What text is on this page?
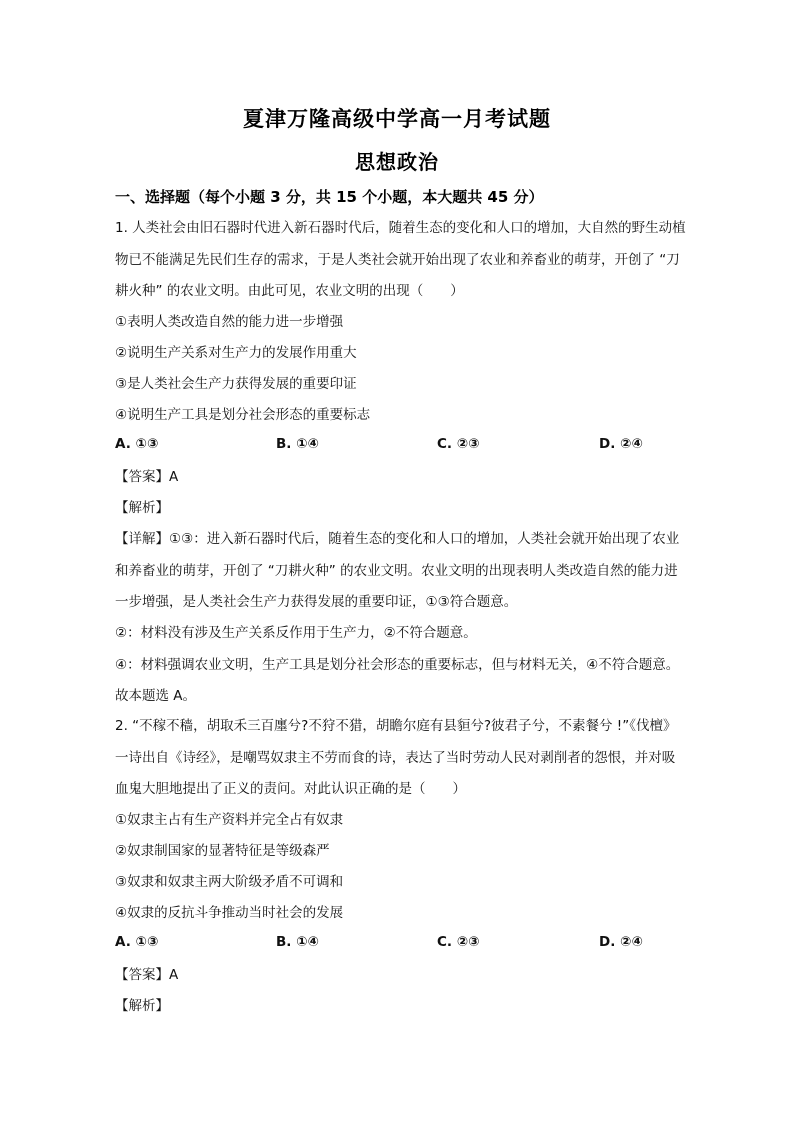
夏津万隆高级中学高一月考试题
思想政治
一、选择题（每个小题 3 分，共 15 个小题，本大题共 45 分）
1. 人类社会由旧石器时代进入新石器时代后，随着生态的变化和人口的增加，大自然的野生动植
物已不能满足先民们生存的需求，于是人类社会就开始出现了农业和养畜业的萌芽，开创了 “刀
耕火种” 的农业文明。由此可见，农业文明的出现（　　）
①表明人类改造自然的能力进一步增强
②说明生产关系对生产力的发展作用重大
③是人类社会生产力获得发展的重要印证
④说明生产工具是划分社会形态的重要标志
A. ①③	B. ①④	C. ②③	D. ②④
【答案】A
【解析】
【详解】①③：进入新石器时代后，随着生态的变化和人口的增加，人类社会就开始出现了农业
和养畜业的萌芽，开创了 “刀耕火种” 的农业文明。农业文明的出现表明人类改造自然的能力进
一步增强，是人类社会生产力获得发展的重要印证，①③符合题意。
②：材料没有涉及生产关系反作用于生产力，②不符合题意。
④：材料强调农业文明，生产工具是划分社会形态的重要标志，但与材料无关，④不符合题意。
故本题选 A。
2. “不稼不穑，胡取禾三百廛兮?不狩不猎，胡瞻尔庭有县貆兮?彼君子兮，不素餐兮 !”《伐檀》
一诗出自《诗经》，是嘲骂奴隶主不劳而食的诗，表达了当时劳动人民对剥削者的怨恨，并对吸
血鬼大胆地提出了正义的责问。对此认识正确的是（　　）
①奴隶主占有生产资料并完全占有奴隶
②奴隶制国家的显著特征是等级森严
③奴隶和奴隶主两大阶级矛盾不可调和
④奴隶的反抗斗争推动当时社会的发展
A. ①③	B. ①④	C. ②③	D. ②④
【答案】A
【解析】
